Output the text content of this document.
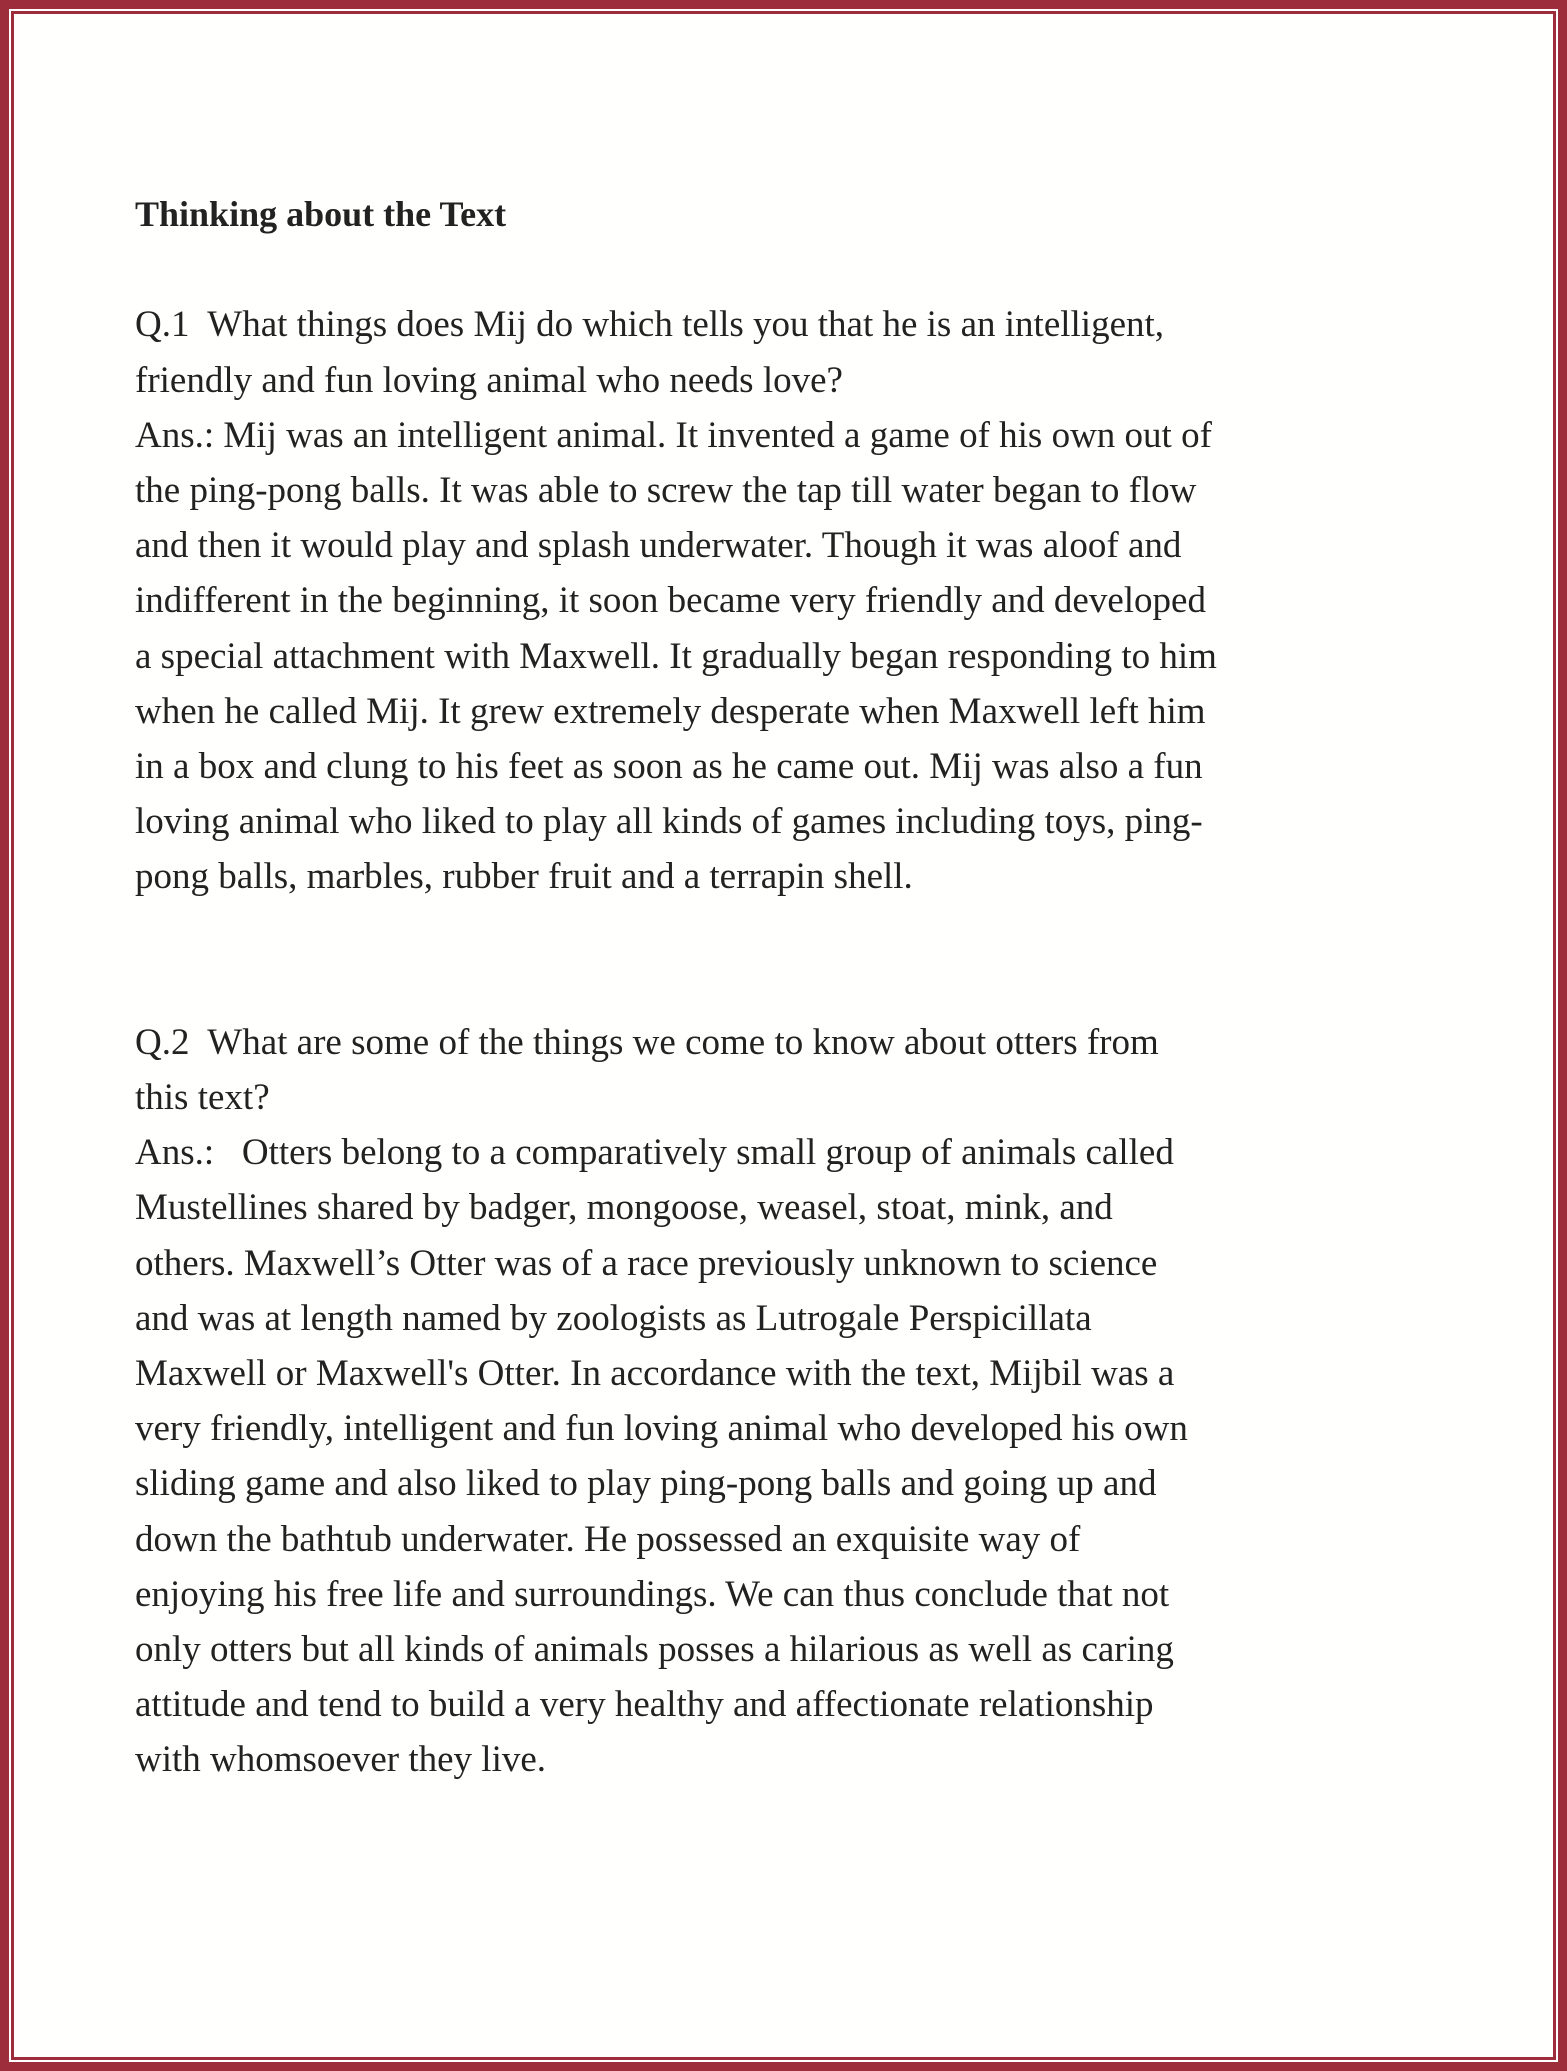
Thinking about the Text
Q.1  What things does Mij do which tells you that he is an intelligent,
friendly and fun loving animal who needs love?
Ans.: Mij was an intelligent animal. It invented a game of his own out of
the ping-pong balls. It was able to screw the tap till water began to flow
and then it would play and splash underwater. Though it was aloof and
indifferent in the beginning, it soon became very friendly and developed
a special attachment with Maxwell. It gradually began responding to him
when he called Mij. It grew extremely desperate when Maxwell left him
in a box and clung to his feet as soon as he came out. Mij was also a fun
loving animal who liked to play all kinds of games including toys, ping-
pong balls, marbles, rubber fruit and a terrapin shell.
Q.2  What are some of the things we come to know about otters from
this text?
Ans.:   Otters belong to a comparatively small group of animals called
Mustellines shared by badger, mongoose, weasel, stoat, mink, and
others. Maxwell’s Otter was of a race previously unknown to science
and was at length named by zoologists as Lutrogale Perspicillata
Maxwell or Maxwell's Otter. In accordance with the text, Mijbil was a
very friendly, intelligent and fun loving animal who developed his own
sliding game and also liked to play ping-pong balls and going up and
down the bathtub underwater. He possessed an exquisite way of
enjoying his free life and surroundings. We can thus conclude that not
only otters but all kinds of animals posses a hilarious as well as caring
attitude and tend to build a very healthy and affectionate relationship
with whomsoever they live.
